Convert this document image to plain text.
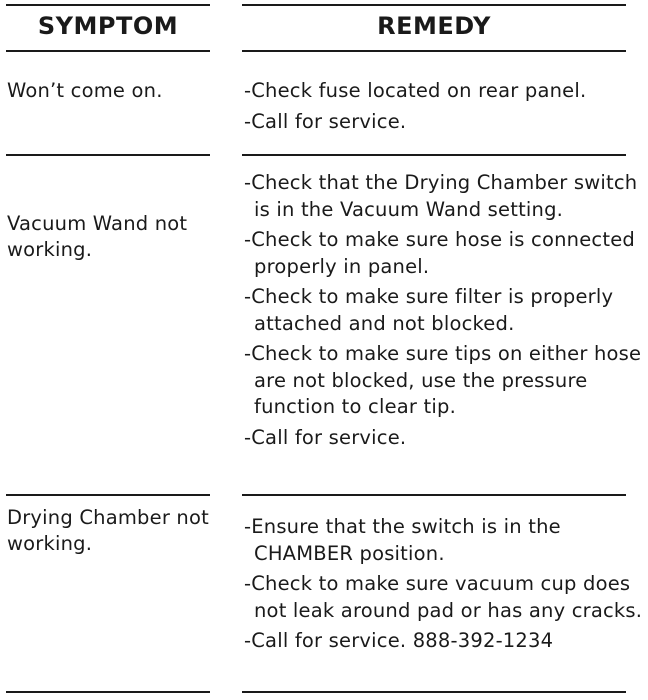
SYMPTOM	REMEDY
Won’t come on.	-Check fuse located on rear panel.
-Call for service.
Vacuum Wand not working.
-Check that the Drying Chamber switch is in the Vacuum Wand setting.
-Check to make sure hose is connected properly in panel.
-Check to make sure filter is properly attached and not blocked.
-Check to make sure tips on either hose are not blocked, use the pressure function to clear tip.
-Call for service.
Drying Chamber not working.
-Ensure that the switch is in the CHAMBER position.
-Check to make sure vacuum cup does not leak around pad or has any cracks.
-Call for service. 888-392-1234
